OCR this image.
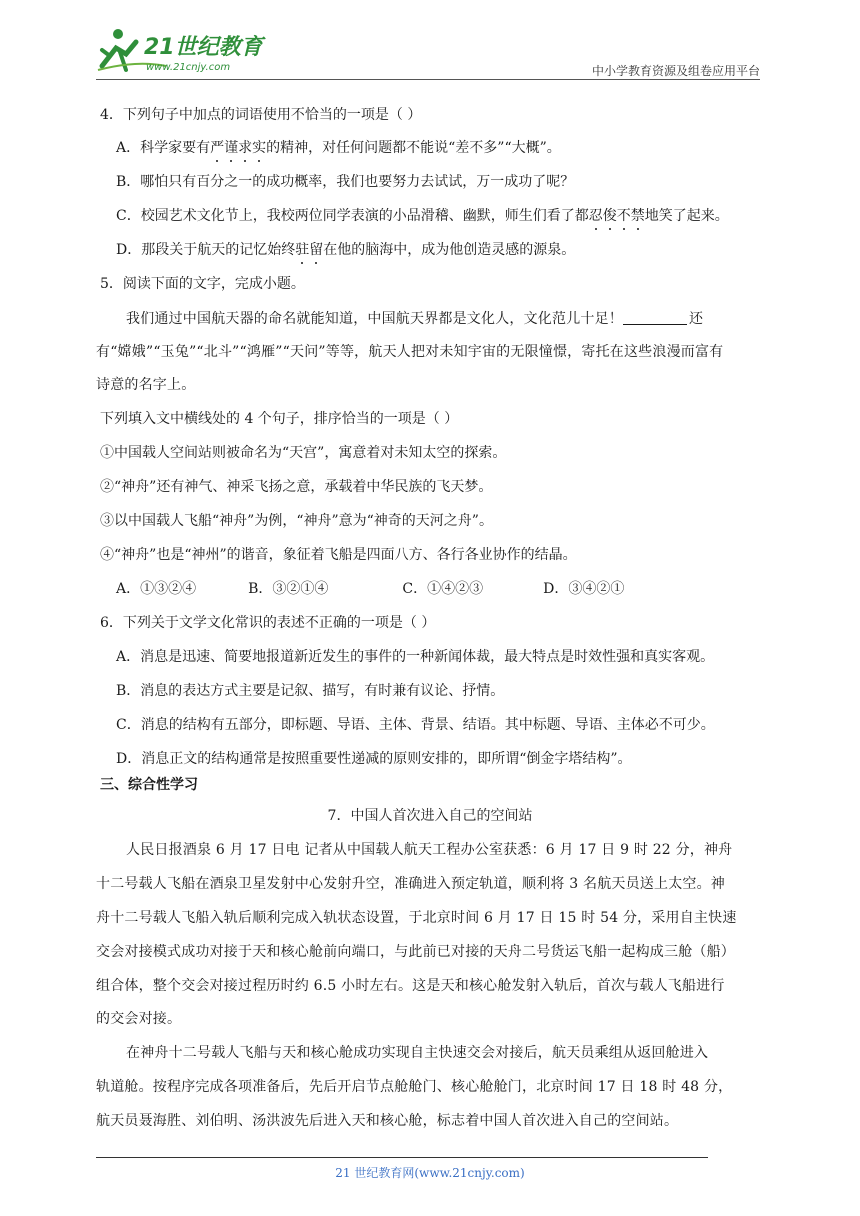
21世纪教育
www.21cnjy.com	中小学教育资源及组卷应用平台
4．下列句子中加点的词语使用不恰当的一项是（ ）
A．科学家要有严谨求实的精神，对任何问题都不能说“差不多”“大概”。
B．哪怕只有百分之一的成功概率，我们也要努力去试试，万一成功了呢？
C．校园艺术文化节上，我校两位同学表演的小品滑稽、幽默，师生们看了都忍俊不禁地笑了起来。
D．那段关于航天的记忆始终驻留在他的脑海中，成为他创造灵感的源泉。
5．阅读下面的文字，完成小题。
我们通过中国航天器的命名就能知道，中国航天界都是文化人，文化范儿十足！	还
有“嫦娥”“玉兔”“北斗”“鸿雁”“天问”等等，航天人把对未知宇宙的无限憧憬，寄托在这些浪漫而富有
诗意的名字上。
下列填入文中横线处的 4 个句子，排序恰当的一项是（ ）
①中国载人空间站则被命名为“天宫”，寓意着对未知太空的探索。
②“神舟”还有神气、神采飞扬之意，承载着中华民族的飞天梦。
③以中国载人飞船“神舟”为例，“神舟”意为“神奇的天河之舟”。
④“神舟”也是“神州”的谐音，象征着飞船是四面八方、各行各业协作的结晶。
A．①③②④	B．③②①④	C．①④②③	D．③④②①
6．下列关于文学文化常识的表述不正确的一项是（ ）
A．消息是迅速、简要地报道新近发生的事件的一种新闻体裁，最大特点是时效性强和真实客观。
B．消息的表达方式主要是记叙、描写，有时兼有议论、抒情。
C．消息的结构有五部分，即标题、导语、主体、背景、结语。其中标题、导语、主体必不可少。
D．消息正文的结构通常是按照重要性递减的原则安排的，即所谓“倒金字塔结构”。
三、综合性学习
7．中国人首次进入自己的空间站
人民日报酒泉 6 月 17 日电 记者从中国载人航天工程办公室获悉：6 月 17 日 9 时 22 分，神舟
十二号载人飞船在酒泉卫星发射中心发射升空，准确进入预定轨道，顺利将 3 名航天员送上太空。神
舟十二号载人飞船入轨后顺利完成入轨状态设置，于北京时间 6 月 17 日 15 时 54 分，采用自主快速
交会对接模式成功对接于天和核心舱前向端口，与此前已对接的天舟二号货运飞船一起构成三舱（船）
组合体，整个交会对接过程历时约 6.5 小时左右。这是天和核心舱发射入轨后，首次与载人飞船进行
的交会对接。
在神舟十二号载人飞船与天和核心舱成功实现自主快速交会对接后，航天员乘组从返回舱进入
轨道舱。按程序完成各项准备后，先后开启节点舱舱门、核心舱舱门，北京时间 17 日 18 时 48 分，
航天员聂海胜、刘伯明、汤洪波先后进入天和核心舱，标志着中国人首次进入自己的空间站。
21 世纪教育网(www.21cnjy.com)
